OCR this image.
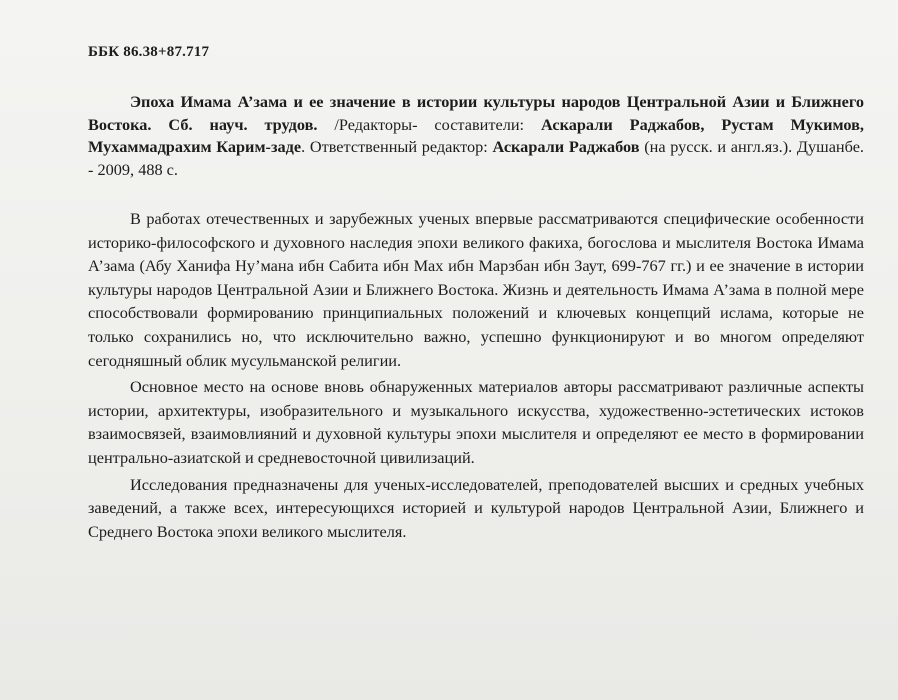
ББК 86.38+87.717

Эпоха Имама А’зама и ее значение в истории культуры народов Центральной Азии и Ближнего Востока. Сб. науч. трудов. /Редакторы- составители: Аскарали Раджабов, Рустам Мукимов, Мухаммадрахим Карим-заде. Ответственный редактор: Аскарали Раджабов (на русск. и англ.яз.). Душанбе. - 2009, 488 с.

В работах отечественных и зарубежных ученых впервые рассматриваются специфические особенности историко-философского и духовного наследия эпохи великого факиха, богослова и мыслителя Востока Имама А’зама (Абу Ханифа Ну’мана ибн Сабита ибн Мах ибн Марзбан ибн Заут, 699-767 гг.) и ее значение в истории культуры народов Центральной Азии и Ближнего Востока. Жизнь и деятельность Имама А’зама в полной мере способствовали формированию принципиальных положений и ключевых концепций ислама, которые не только сохранились но, что исключительно важно, успешно функционируют и во многом определяют сегодняшный облик мусульманской религии.

Основное место на основе вновь обнаруженных материалов авторы рассматривают различные аспекты истории, архитектуры, изобразительного и музыкального искусства, художественно-эстетических истоков взаимосвязей, взаимовлияний и духовной культуры эпохи мыслителя и определяют ее место в формировании центрально-азиатской и средневосточной цивилизаций.

Исследования предназначены для ученых-исследователей, преподователей высших и средных учебных заведений, а также всех, интересующихся историей и культурой народов Центральной Азии, Ближнего и Среднего Востока эпохи великого мыслителя.
